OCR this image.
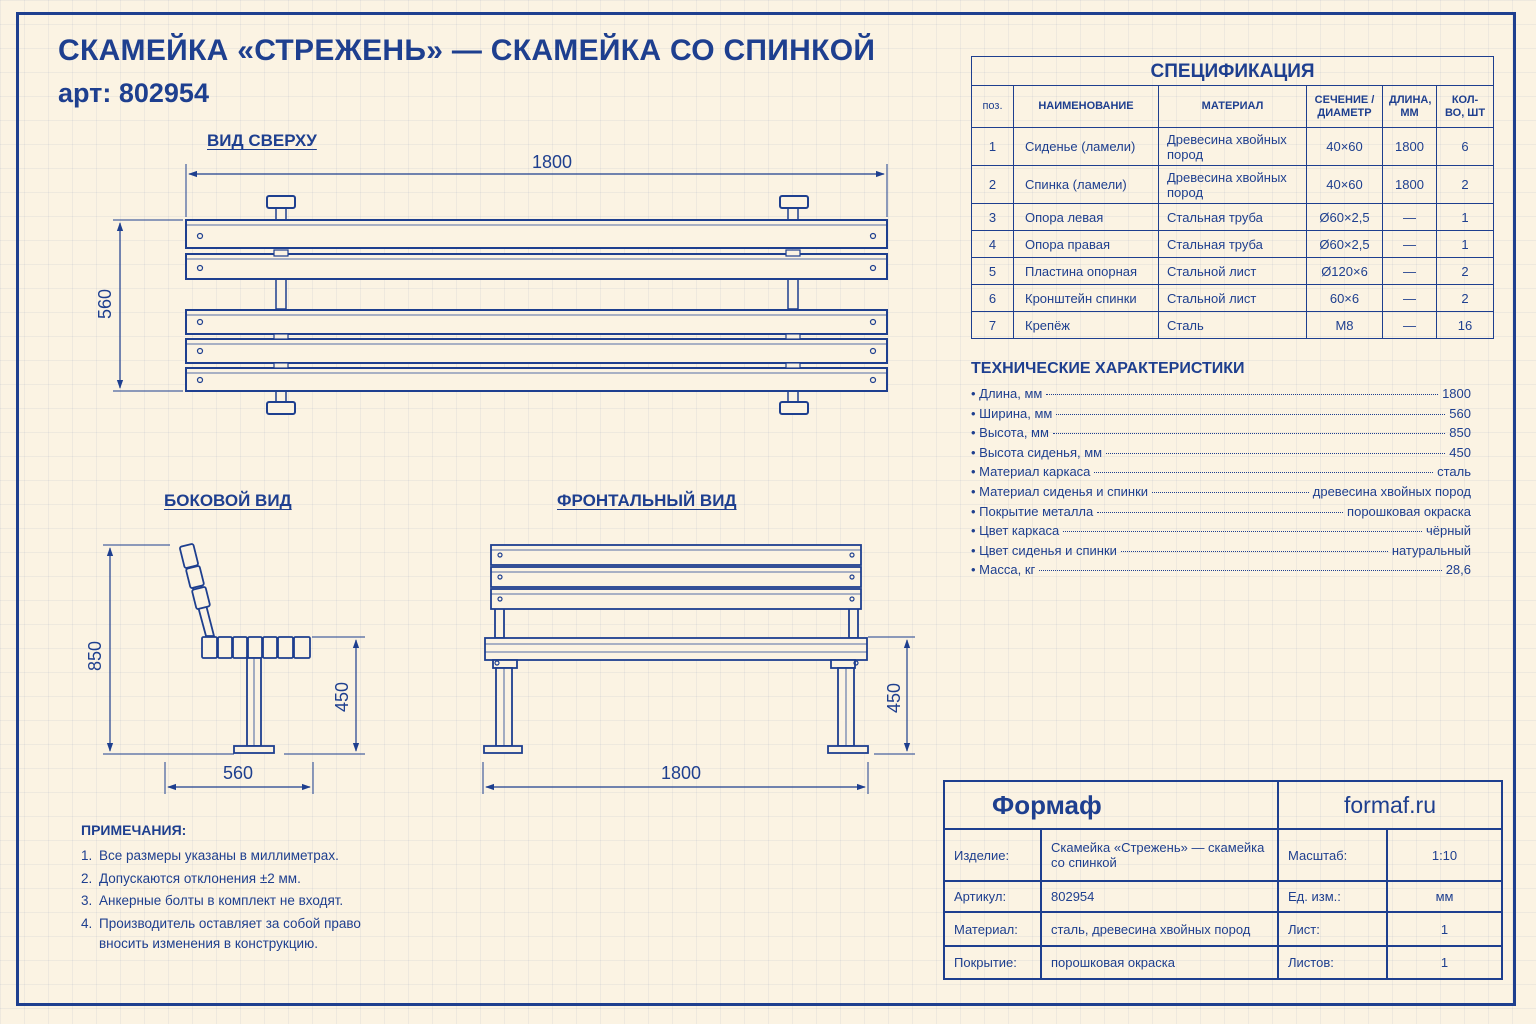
СКАМЕЙКА «СТРЕЖЕНЬ» — СКАМЕЙКА СО СПИНКОЙ
арт: 802954
ВИД СВЕРХУ
БОКОВОЙ ВИД	ФРОНТАЛЬНЫЙ ВИД
1800
560
850
450
560
450
1800
СПЕЦИФИКАЦИЯ					
поз.	НАИМЕНОВАНИЕ	МАТЕРИАЛ	СЕЧЕНИЕ / ДИАМЕТР	ДЛИНА, ММ	КОЛ-ВО, ШТ
1	Сиденье (ламели)	Древесина хвойных пород	40×60	1800	6
2	Спинка (ламели)	Древесина хвойных пород	40×60	1800	2
3	Опора левая	Стальная труба	Ø60×2,5	—	1
4	Опора правая	Стальная труба	Ø60×2,5	—	1
5	Пластина опорная	Стальной лист	Ø120×6	—	2
6	Кронштейн спинки	Стальной лист	60×6	—	2
7	Крепёж	Сталь	M8	—	16
ТЕХНИЧЕСКИЕ ХАРАКТЕРИСТИКИ
• Длина, мм	1800
• Ширина, мм	560
• Высота, мм	850
• Высота сиденья, мм	450
• Материал каркаса	сталь
• Материал сиденья и спинки	древесина хвойных пород
• Покрытие металла	порошковая окраска
• Цвет каркаса	чёрный
• Цвет сиденья и спинки	натуральный
• Масса, кг	28,6
ПРИМЕЧАНИЯ:
1. Все размеры указаны в миллиметрах.
2. Допускаются отклонения ±2 мм.
3. Анкерные болты в комплект не входят.
4. Производитель оставляет за собой право вносить изменения в конструкцию.
Формаф		formaf.ru	
Изделие:	Скамейка «Стрежень» — скамейка со спинкой	Масштаб:	1:10
Артикул:	802954	Ед. изм.:	мм
Материал:	сталь, древесина хвойных пород	Лист:	1
Покрытие:	порошковая окраска	Листов:	1
